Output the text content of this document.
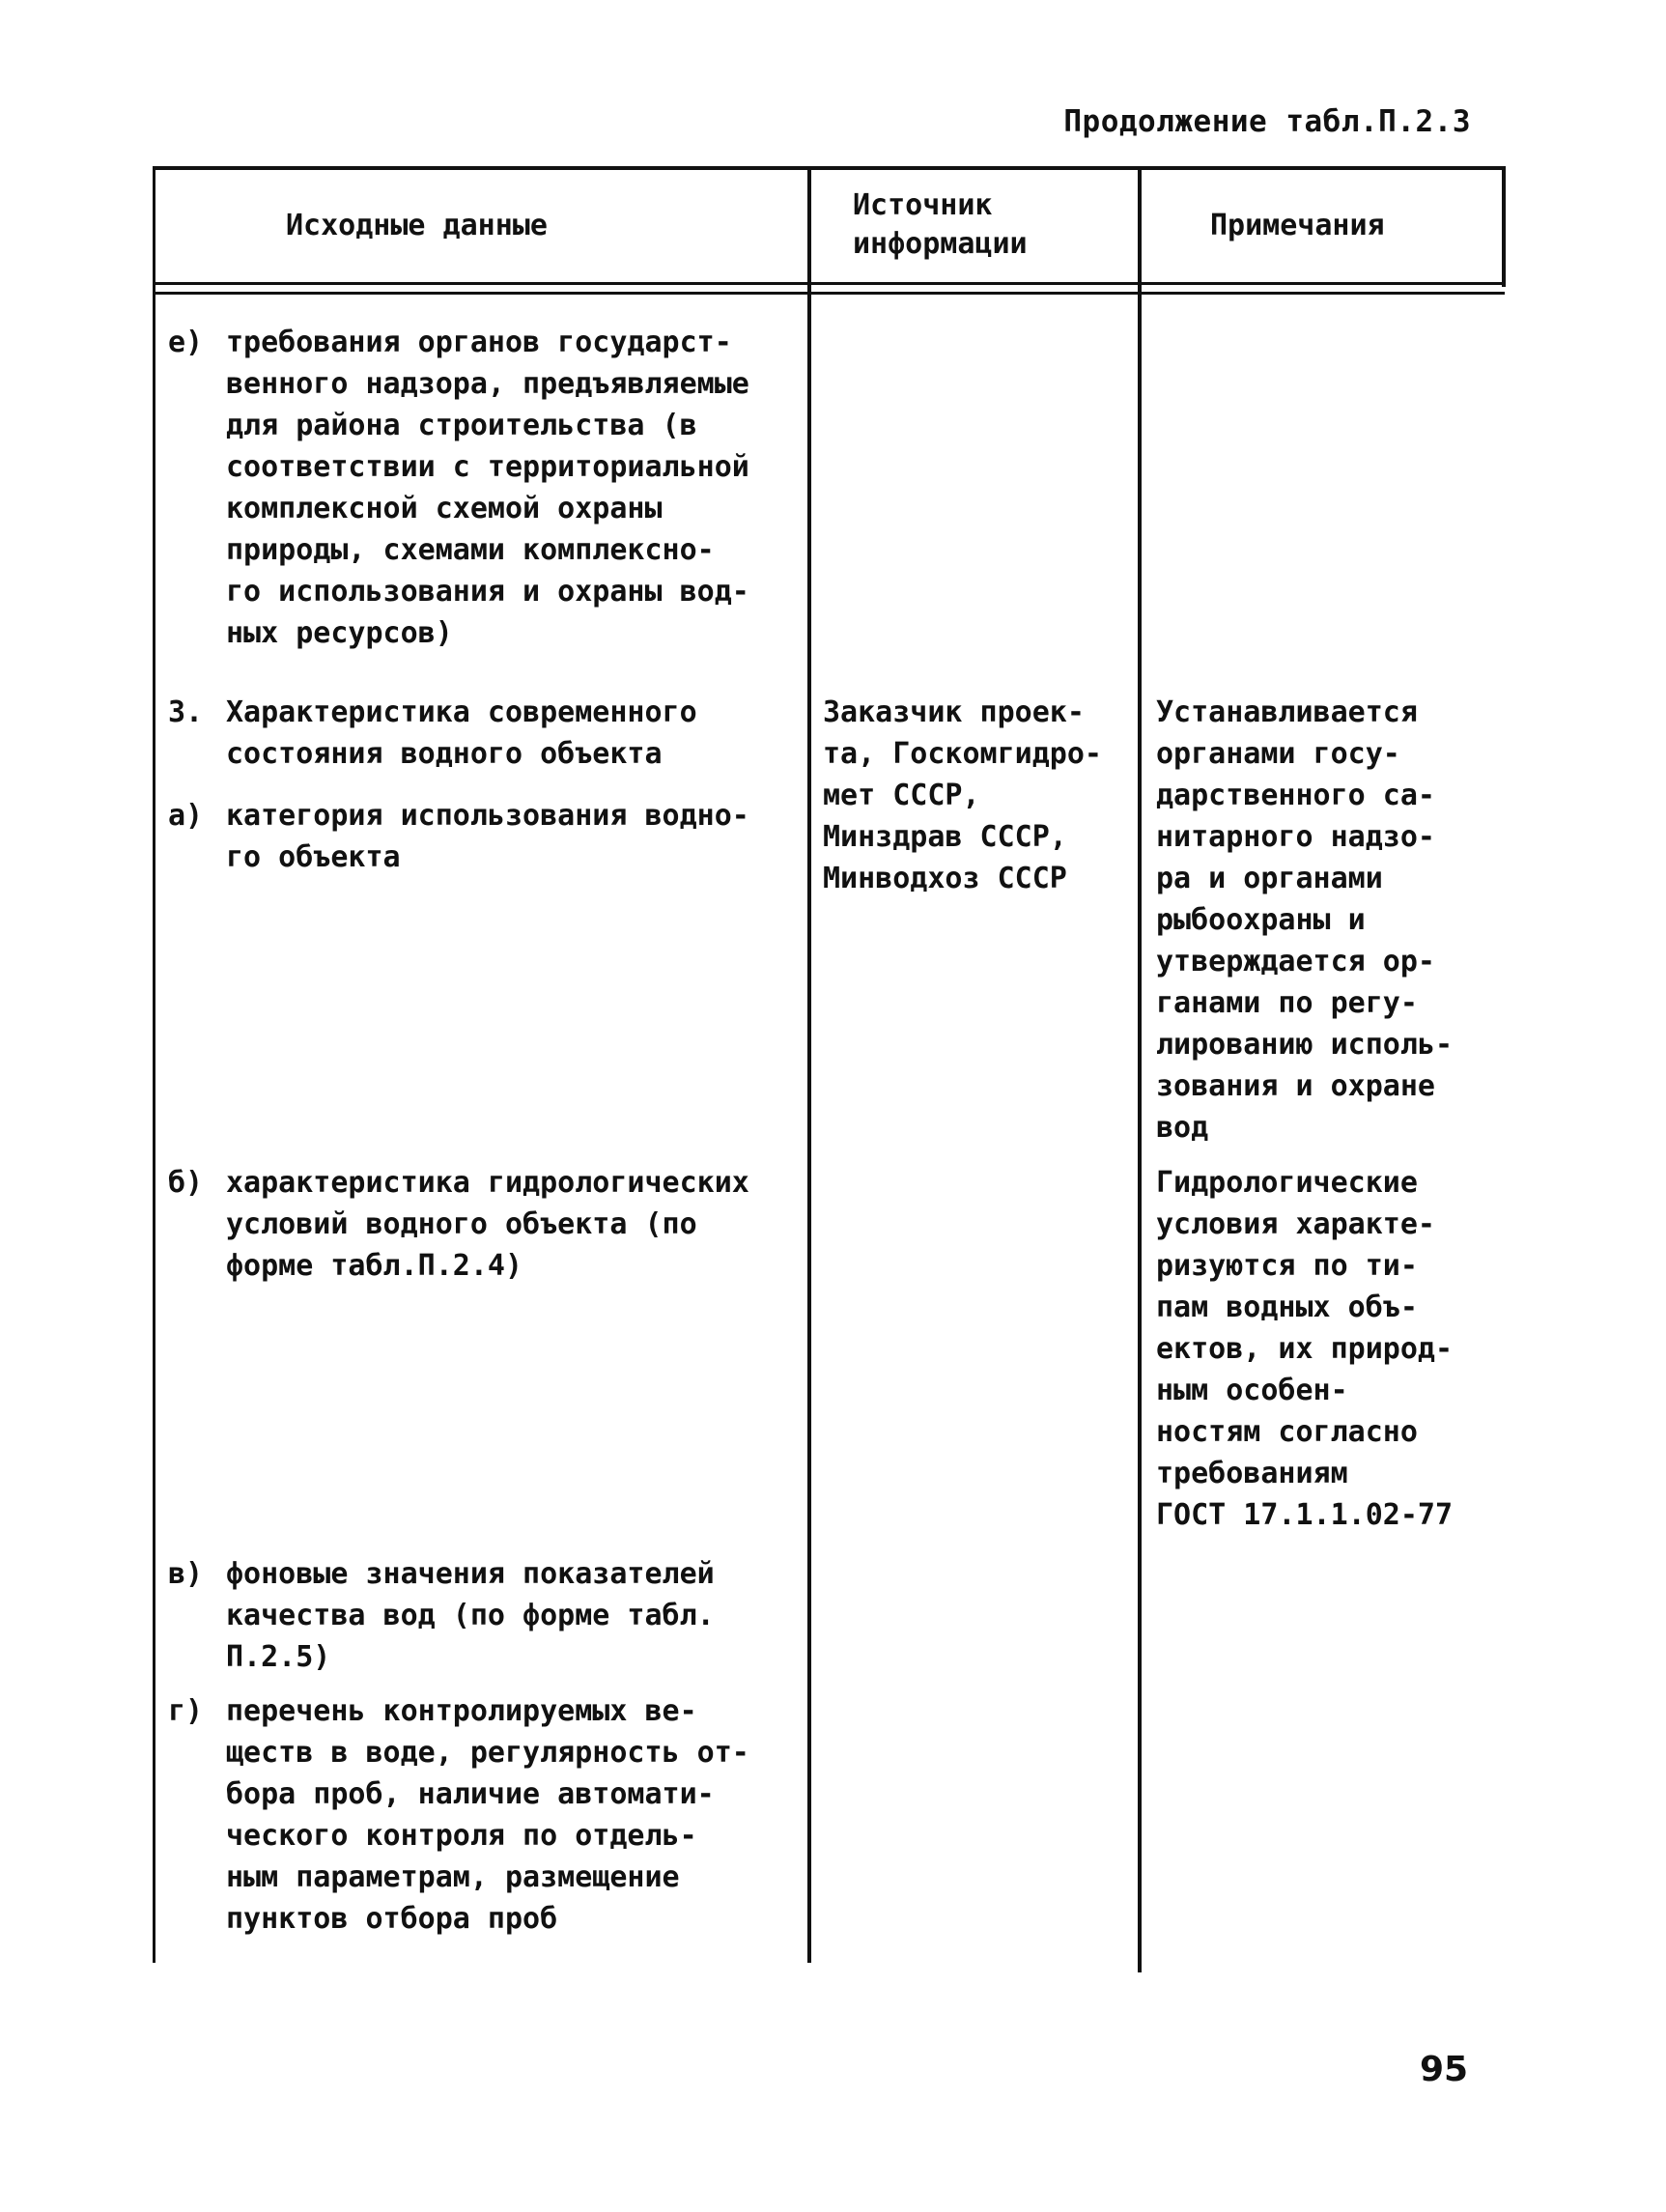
Продолжение табл.П.2.3
Исходные данные
Источник
информации
Примечания
е) требования органов государст-
венного надзора, предъявляемые
для района строительства (в
соответствии с территориальной
комплексной схемой охраны
природы, схемами комплексно-
го использования и охраны вод-
ных ресурсов)
3. Характеристика современного
состояния водного объекта
а) категория использования водно-
го объекта
б) характеристика гидрологических
условий водного объекта (по
форме табл.П.2.4)
в) фоновые значения показателей
качества вод (по форме табл.
П.2.5)
г) перечень контролируемых ве-
ществ в воде, регулярность от-
бора проб, наличие автомати-
ческого контроля по отдель-
ным параметрам, размещение
пунктов отбора проб
Заказчик проек-
та, Госкомгидро-
мет СССР,
Минздрав СССР,
Минводхоз СССР
Устанавливается
органами госу-
дарственного са-
нитарного надзо-
ра и органами
рыбоохраны и
утверждается ор-
ганами по регу-
лированию исполь-
зования и охране
вод
Гидрологические
условия характе-
ризуются по ти-
пам водных объ-
ектов, их природ-
ным особен-
ностям согласно
требованиям
ГОСТ 17.1.1.02-77
95
